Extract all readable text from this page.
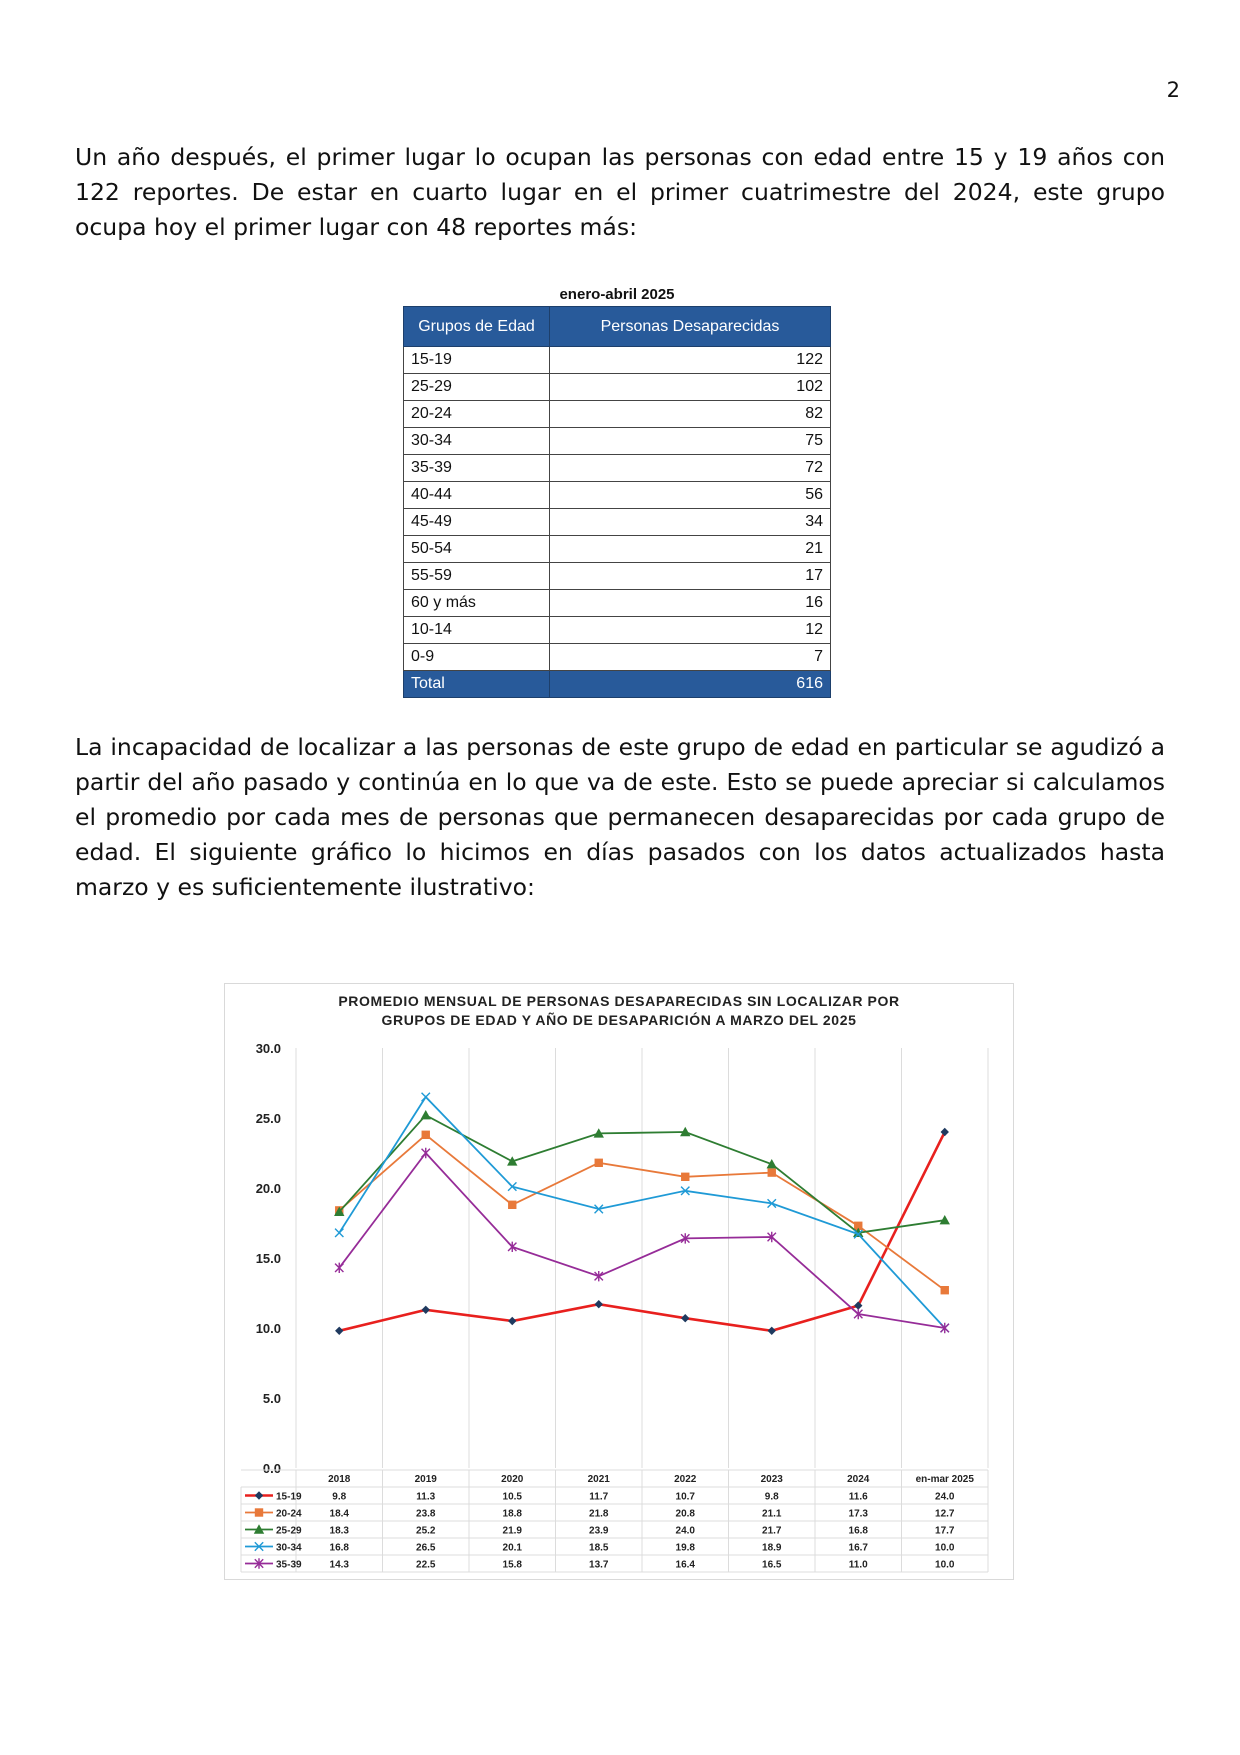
2

Un año después, el primer lugar lo ocupan las personas con edad entre 15 y 19 años con 122 reportes. De estar en cuarto lugar en el primer cuatrimestre del 2024, este grupo ocupa hoy el primer lugar con 48 reportes más:

enero-abril 2025
Grupos de Edad	Personas Desaparecidas
15-19	122
25-29	102
20-24	82
30-34	75
35-39	72
40-44	56
45-49	34
50-54	21
55-59	17
60 y más	16
10-14	12
0-9	7
Total	616

La incapacidad de localizar a las personas de este grupo de edad en particular se agudizó a partir del año pasado y continúa en lo que va de este. Esto se puede apreciar si calculamos el promedio por cada mes de personas que permanecen desaparecidas por cada grupo de edad. El siguiente gráfico lo hicimos en días pasados con los datos actualizados hasta marzo y es suficientemente ilustrativo:

PROMEDIO MENSUAL DE PERSONAS DESAPARECIDAS SIN LOCALIZAR POR
GRUPOS DE EDAD Y AÑO DE DESAPARICIÓN A MARZO DEL 2025
0.0
5.0
10.0
15.0
20.0
25.0
30.0
2018	2019	2020	2021	2022	2023	2024	en-mar 2025
15-19	9.8	11.3	10.5	11.7	10.7	9.8	11.6	24.0
20-24	18.4	23.8	18.8	21.8	20.8	21.1	17.3	12.7
25-29	18.3	25.2	21.9	23.9	24.0	21.7	16.8	17.7
30-34	16.8	26.5	20.1	18.5	19.8	18.9	16.7	10.0
35-39	14.3	22.5	15.8	13.7	16.4	16.5	11.0	10.0
